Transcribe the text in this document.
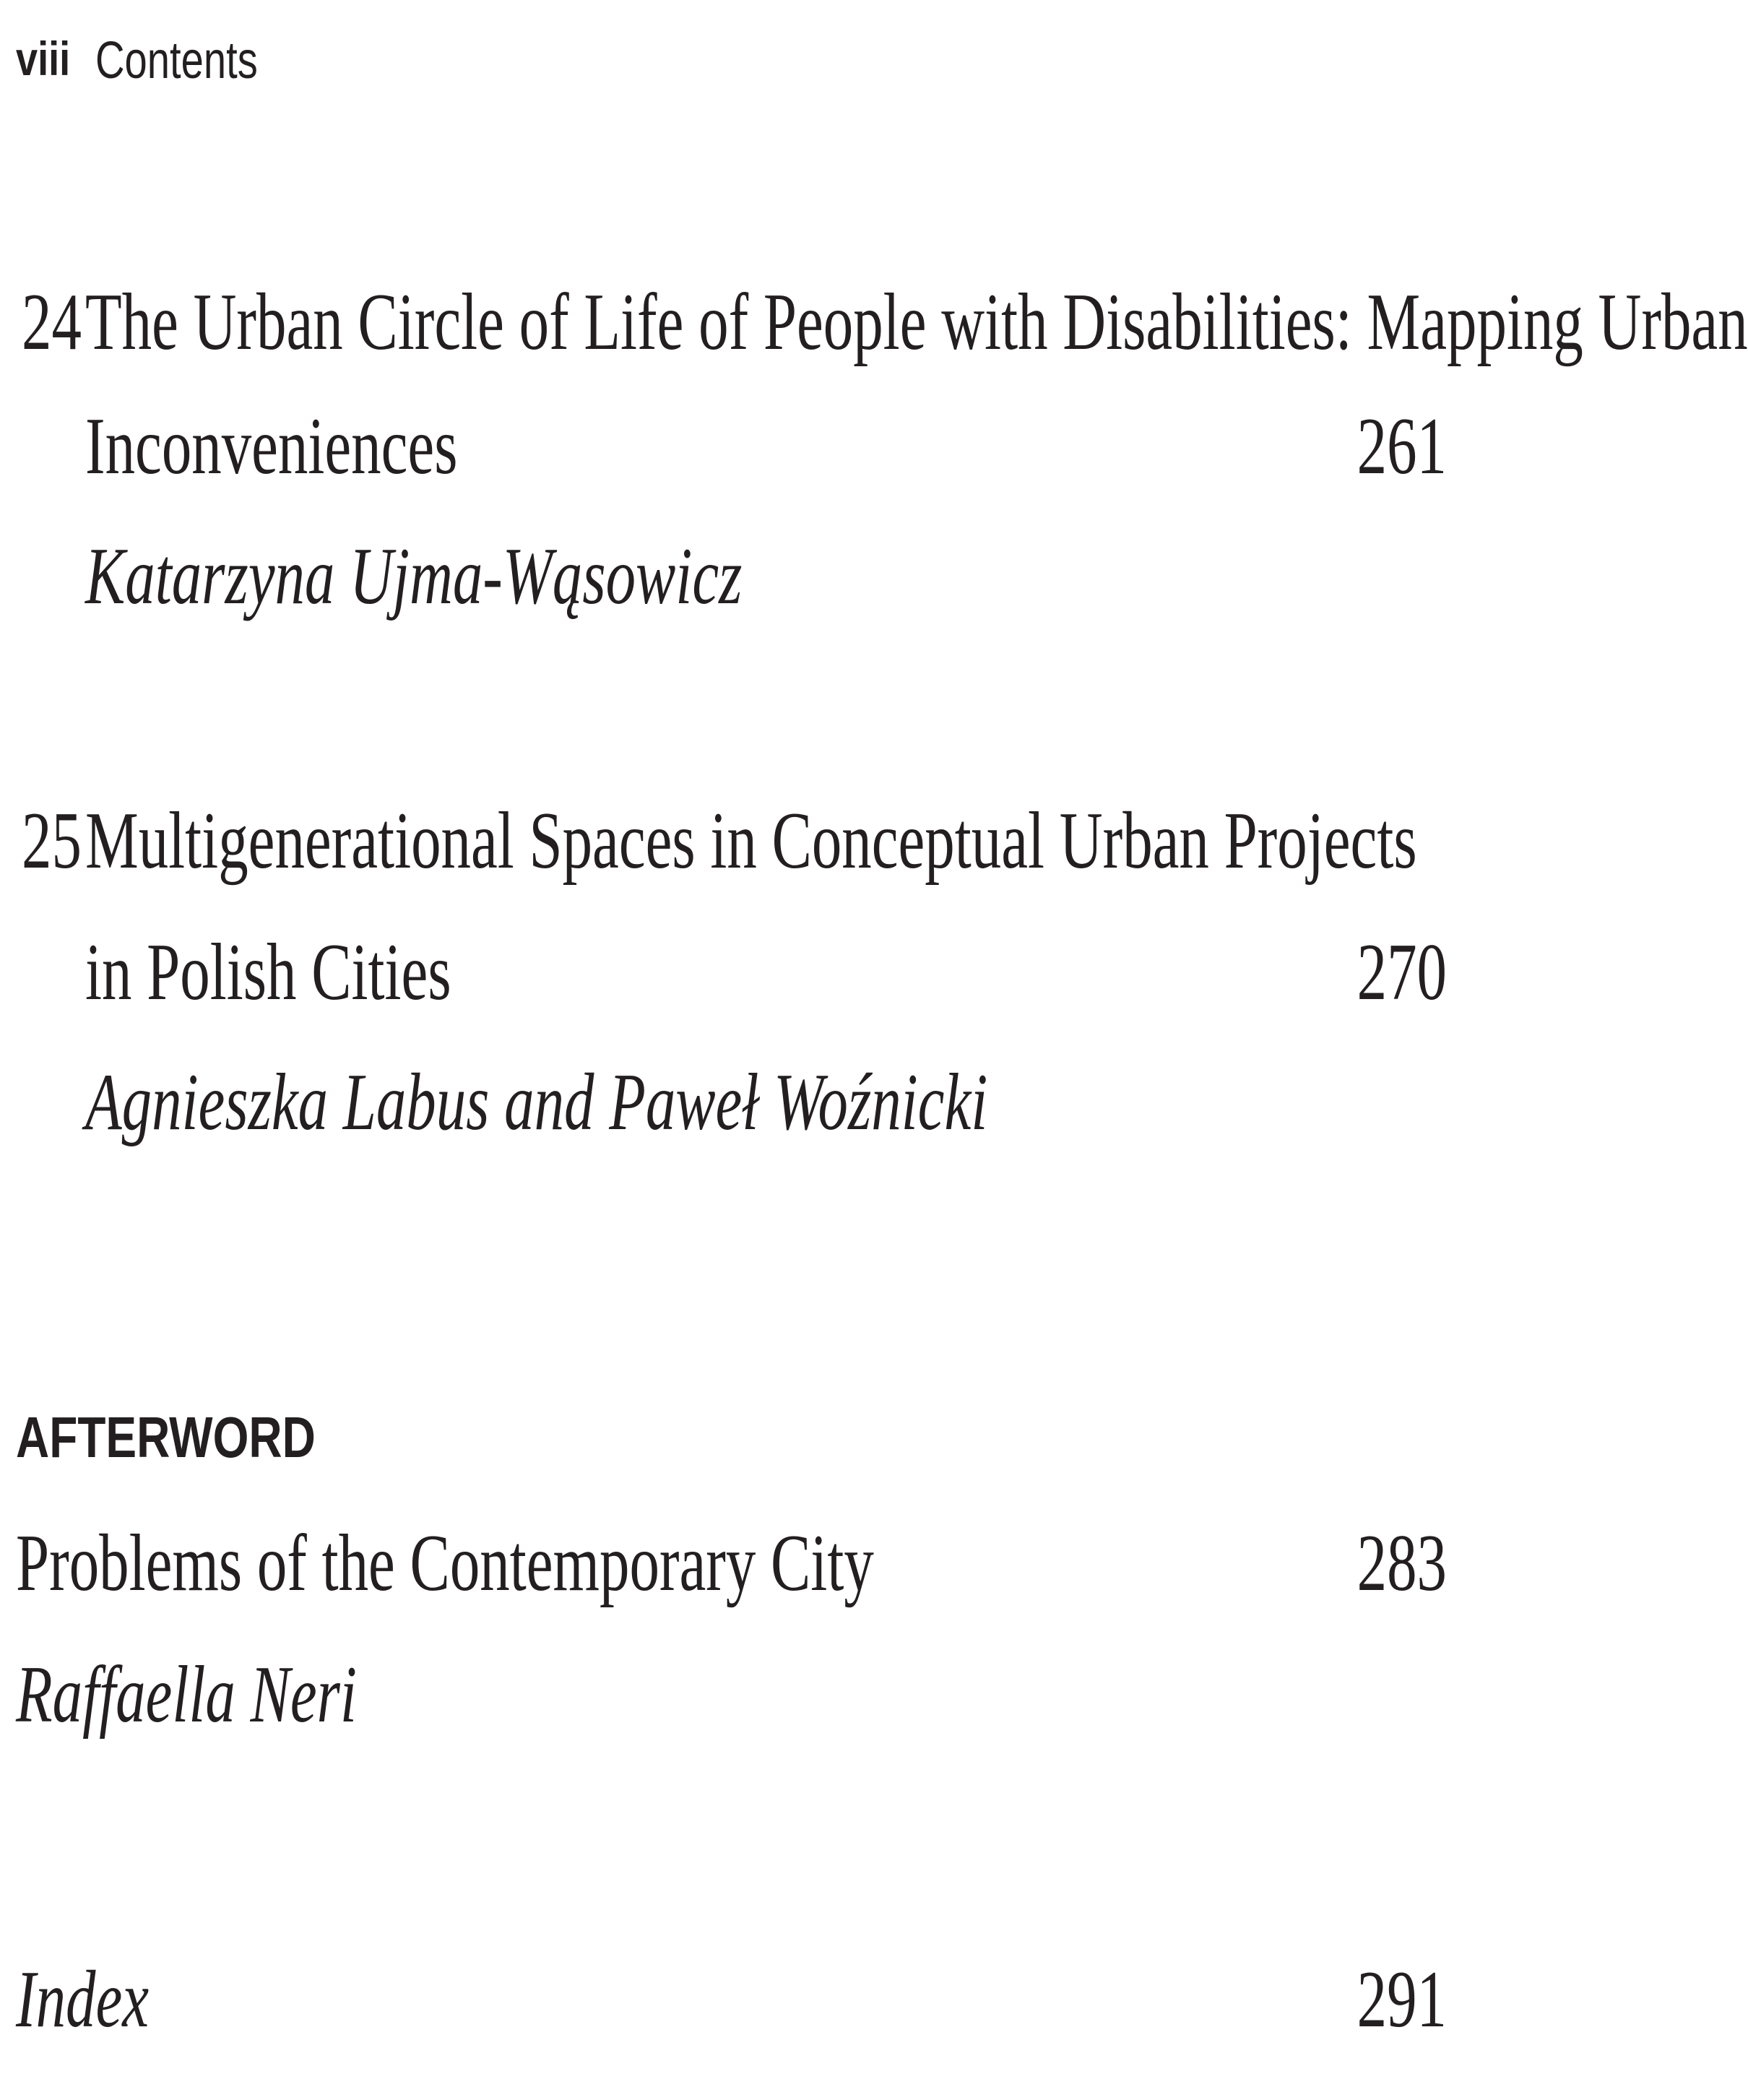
viii Contents
24 The Urban Circle of Life of People with Disabilities: Mapping Urban
Inconveniences	261
Katarzyna Ujma-Wąsowicz
25 Multigenerational Spaces in Conceptual Urban Projects
in Polish Cities	270
Agnieszka Labus and Paweł Woźnicki
AFTERWORD
Problems of the Contemporary City	283
Raffaella Neri
Index	291
